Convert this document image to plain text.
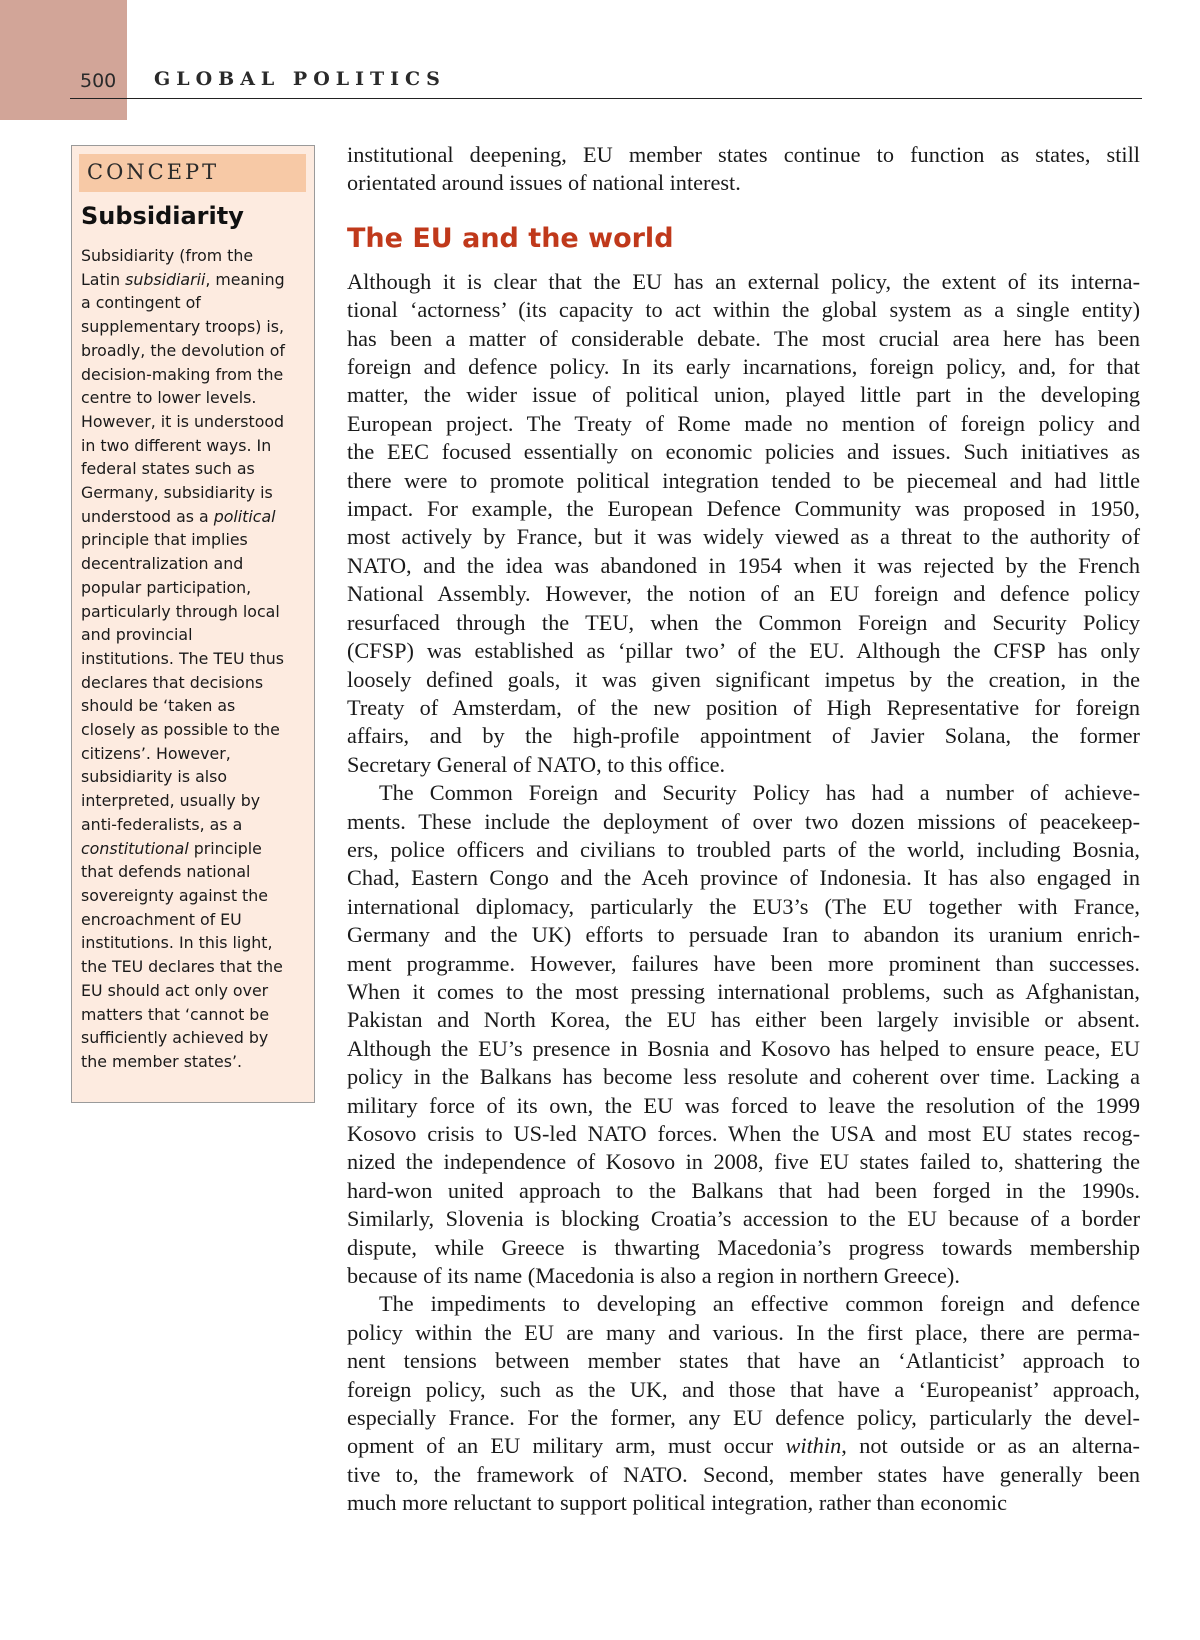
500 GLOBAL POLITICS
CONCEPT
Subsidiarity
Subsidiarity (from the
Latin subsidiarii, meaning
a contingent of
supplementary troops) is,
broadly, the devolution of
decision-making from the
centre to lower levels.
However, it is understood
in two different ways. In
federal states such as
Germany, subsidiarity is
understood as a political
principle that implies
decentralization and
popular participation,
particularly through local
and provincial
institutions. The TEU thus
declares that decisions
should be ‘taken as
closely as possible to the
citizens’. However,
subsidiarity is also
interpreted, usually by
anti-federalists, as a
constitutional principle
that defends national
sovereignty against the
encroachment of EU
institutions. In this light,
the TEU declares that the
EU should act only over
matters that ‘cannot be
sufficiently achieved by
the member states’.
institutional deepening, EU member states continue to function as states, still
orientated around issues of national interest.
The EU and the world
Although it is clear that the EU has an external policy, the extent of its interna-
tional ‘actorness’ (its capacity to act within the global system as a single entity)
has been a matter of considerable debate. The most crucial area here has been
foreign and defence policy. In its early incarnations, foreign policy, and, for that
matter, the wider issue of political union, played little part in the developing
European project. The Treaty of Rome made no mention of foreign policy and
the EEC focused essentially on economic policies and issues. Such initiatives as
there were to promote political integration tended to be piecemeal and had little
impact. For example, the European Defence Community was proposed in 1950,
most actively by France, but it was widely viewed as a threat to the authority of
NATO, and the idea was abandoned in 1954 when it was rejected by the French
National Assembly. However, the notion of an EU foreign and defence policy
resurfaced through the TEU, when the Common Foreign and Security Policy
(CFSP) was established as ‘pillar two’ of the EU. Although the CFSP has only
loosely defined goals, it was given significant impetus by the creation, in the
Treaty of Amsterdam, of the new position of High Representative for foreign
affairs, and by the high-profile appointment of Javier Solana, the former
Secretary General of NATO, to this office.
The Common Foreign and Security Policy has had a number of achieve-
ments. These include the deployment of over two dozen missions of peacekeep-
ers, police officers and civilians to troubled parts of the world, including Bosnia,
Chad, Eastern Congo and the Aceh province of Indonesia. It has also engaged in
international diplomacy, particularly the EU3’s (The EU together with France,
Germany and the UK) efforts to persuade Iran to abandon its uranium enrich-
ment programme. However, failures have been more prominent than successes.
When it comes to the most pressing international problems, such as Afghanistan,
Pakistan and North Korea, the EU has either been largely invisible or absent.
Although the EU’s presence in Bosnia and Kosovo has helped to ensure peace, EU
policy in the Balkans has become less resolute and coherent over time. Lacking a
military force of its own, the EU was forced to leave the resolution of the 1999
Kosovo crisis to US-led NATO forces. When the USA and most EU states recog-
nized the independence of Kosovo in 2008, five EU states failed to, shattering the
hard-won united approach to the Balkans that had been forged in the 1990s.
Similarly, Slovenia is blocking Croatia’s accession to the EU because of a border
dispute, while Greece is thwarting Macedonia’s progress towards membership
because of its name (Macedonia is also a region in northern Greece).
The impediments to developing an effective common foreign and defence
policy within the EU are many and various. In the first place, there are perma-
nent tensions between member states that have an ‘Atlanticist’ approach to
foreign policy, such as the UK, and those that have a ‘Europeanist’ approach,
especially France. For the former, any EU defence policy, particularly the devel-
opment of an EU military arm, must occur within, not outside or as an alterna-
tive to, the framework of NATO. Second, member states have generally been
much more reluctant to support political integration, rather than economic
